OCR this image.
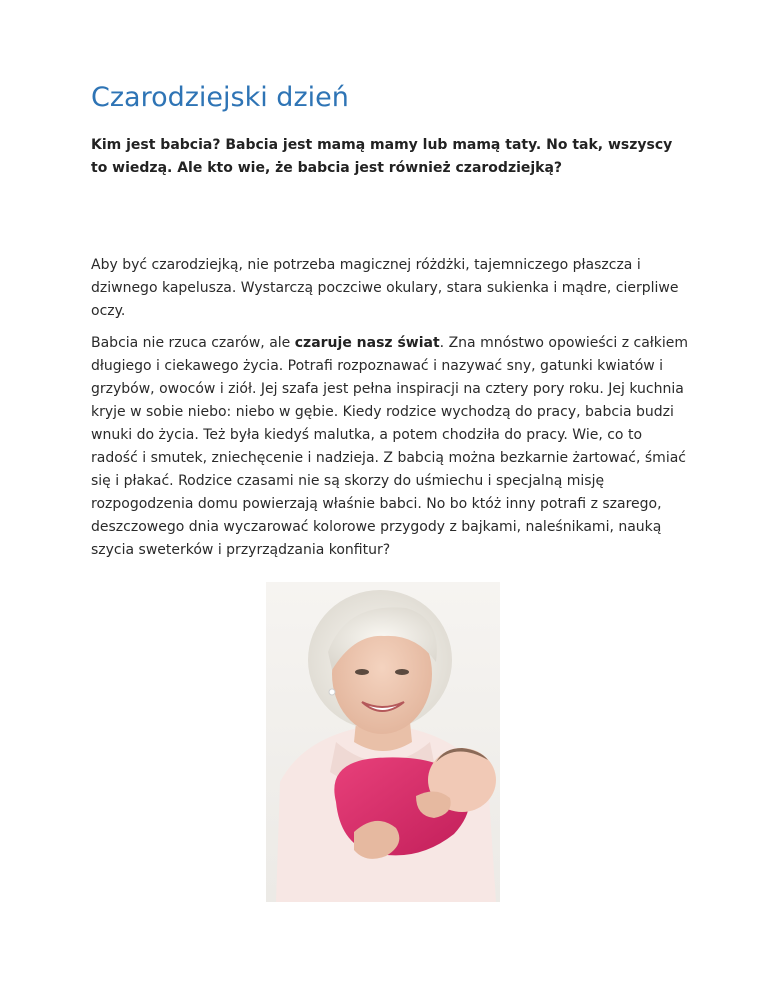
Czarodziejski dzień

Kim jest babcia? Babcia jest mamą mamy lub mamą taty. No tak, wszyscy to wiedzą. Ale kto wie, że babcia jest również czarodziejką?

Aby być czarodziejką, nie potrzeba magicznej różdżki, tajemniczego płaszcza i dziwnego kapelusza. Wystarczą poczciwe okulary, stara sukienka i mądre, cierpliwe oczy.

Babcia nie rzuca czarów, ale czaruje nasz świat. Zna mnóstwo opowieści z całkiem długiego i ciekawego życia. Potrafi rozpoznawać i nazywać sny, gatunki kwiatów i grzybów, owoców i ziół. Jej szafa jest pełna inspiracji na cztery pory roku. Jej kuchnia kryje w sobie niebo: niebo w gębie. Kiedy rodzice wychodzą do pracy, babcia budzi wnuki do życia. Też była kiedyś malutka, a potem chodziła do pracy. Wie, co to radość i smutek, zniechęcenie i nadzieja. Z babcią można bezkarnie żartować, śmiać się i płakać. Rodzice czasami nie są skorzy do uśmiechu i specjalną misję rozpogodzenia domu powierzają właśnie babci. No bo któż inny potrafi z szarego, deszczowego dnia wyczarować kolorowe przygody z bajkami, naleśnikami, nauką szycia sweterków i przyrządzania konfitur?
